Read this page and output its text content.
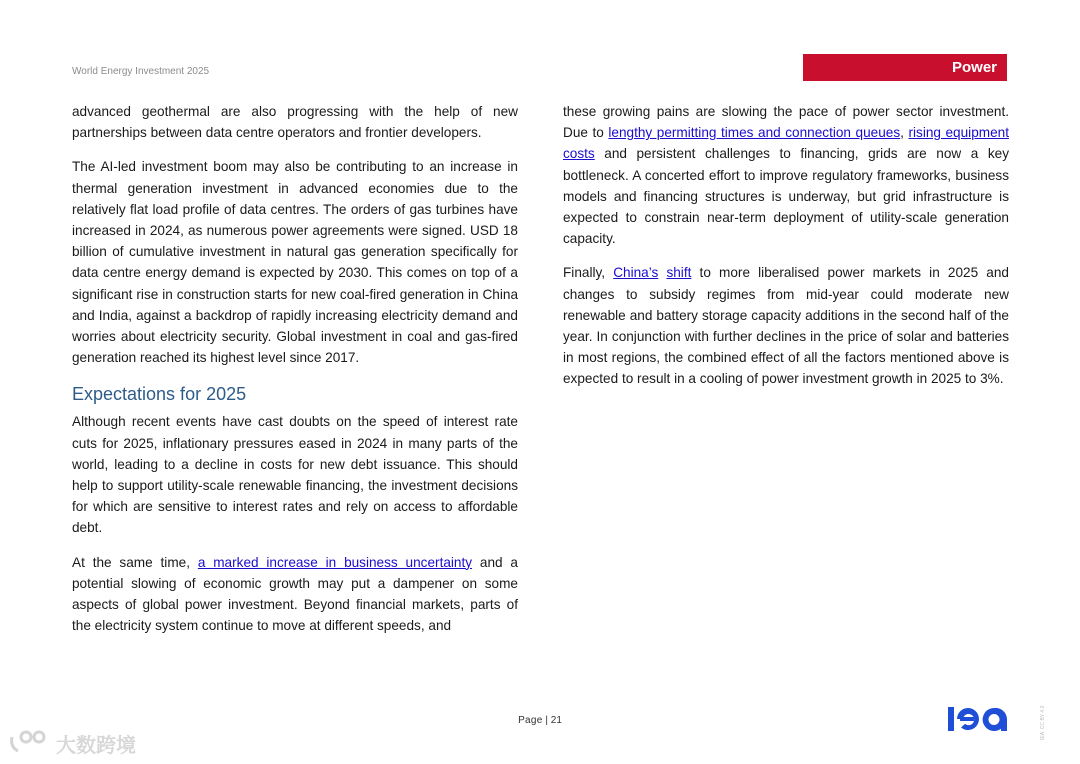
World Energy Investment 2025	Power

advanced geothermal are also progressing with the help of new partnerships between data centre operators and frontier developers.

The AI-led investment boom may also be contributing to an increase in thermal generation investment in advanced economies due to the relatively flat load profile of data centres. The orders of gas turbines have increased in 2024, as numerous power agreements were signed. USD 18 billion of cumulative investment in natural gas generation specifically for data centre energy demand is expected by 2030. This comes on top of a significant rise in construction starts for new coal-fired generation in China and India, against a backdrop of rapidly increasing electricity demand and worries about electricity security. Global investment in coal and gas-fired generation reached its highest level since 2017.

Expectations for 2025

Although recent events have cast doubts on the speed of interest rate cuts for 2025, inflationary pressures eased in 2024 in many parts of the world, leading to a decline in costs for new debt issuance. This should help to support utility-scale renewable financing, the investment decisions for which are sensitive to interest rates and rely on access to affordable debt.

At the same time, a marked increase in business uncertainty and a potential slowing of economic growth may put a dampener on some aspects of global power investment. Beyond financial markets, parts of the electricity system continue to move at different speeds, and

these growing pains are slowing the pace of power sector investment. Due to lengthy permitting times and connection queues, rising equipment costs and persistent challenges to financing, grids are now a key bottleneck. A concerted effort to improve regulatory frameworks, business models and financing structures is underway, but grid infrastructure is expected to constrain near-term deployment of utility-scale generation capacity.

Finally, China’s shift to more liberalised power markets in 2025 and changes to subsidy regimes from mid-year could moderate new renewable and battery storage capacity additions in the second half of the year. In conjunction with further declines in the price of solar and batteries in most regions, the combined effect of all the factors mentioned above is expected to result in a cooling of power investment growth in 2025 to 3%.

Page | 21	IEA. CC BY 4.0
大数跨境
